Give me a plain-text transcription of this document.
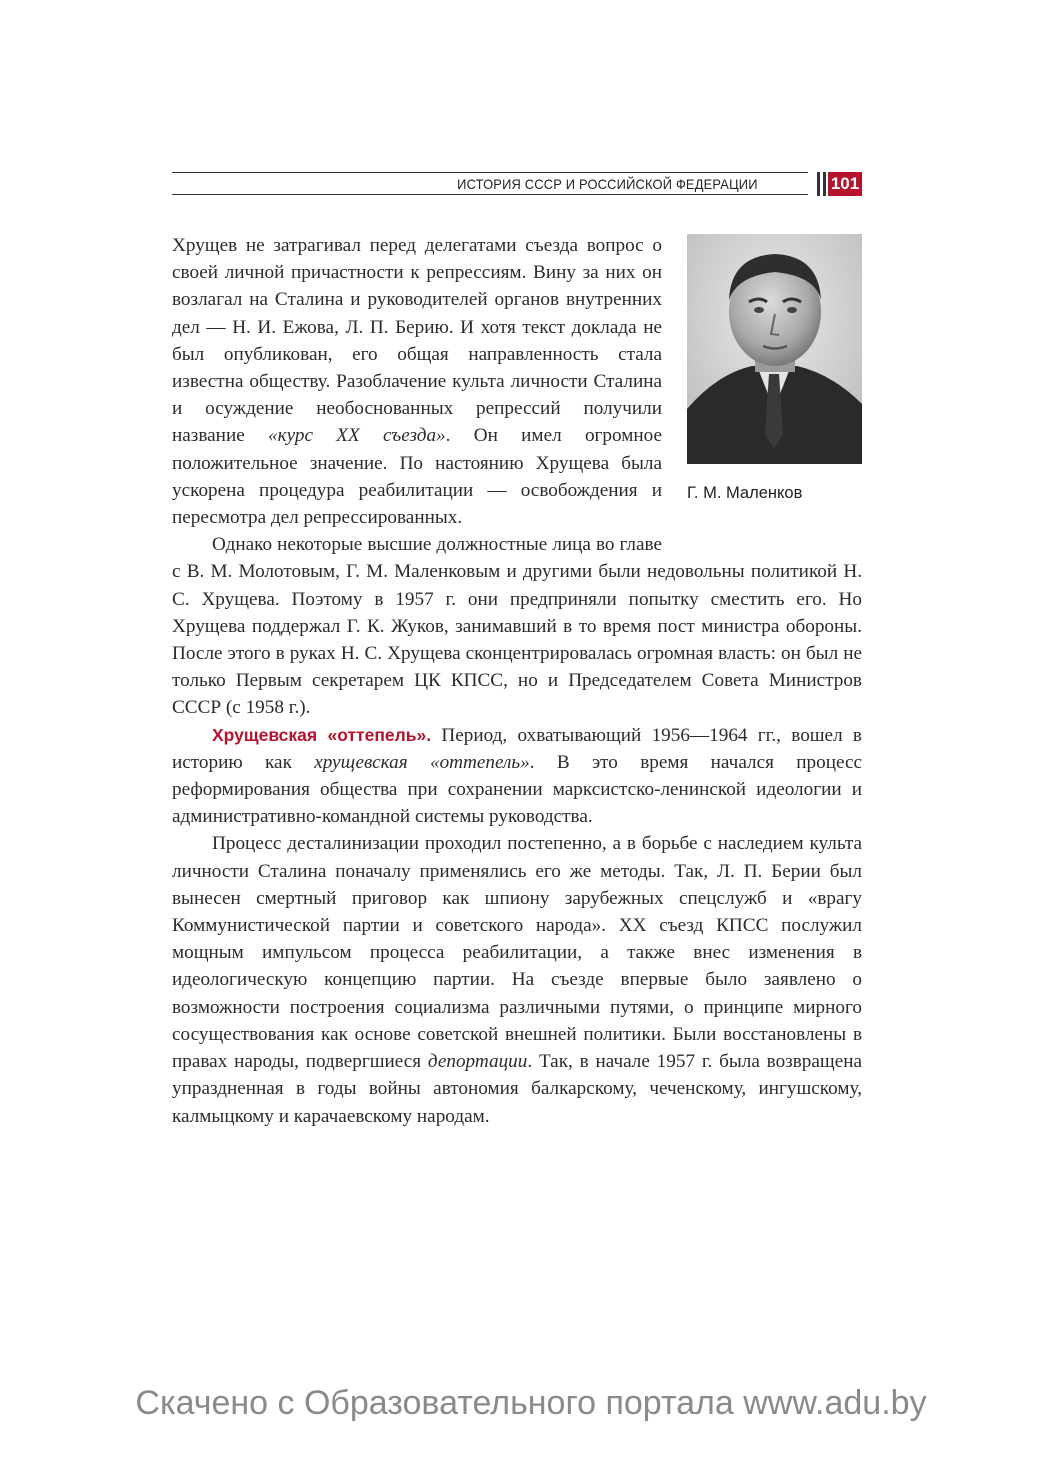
ИСТОРИЯ СССР И РОССИЙСКОЙ ФЕДЕРАЦИИ	101
Г. М. Маленков

Хрущев не затрагивал перед делегатами съезда вопрос о своей личной причастности к репрессиям. Вину за них он возлагал на Сталина и руководителей органов внутренних дел — Н. И. Ежова, Л. П. Берию. И хотя текст доклада не был опубликован, его общая направленность стала известна обществу. Разоблачение культа личности Сталина и осуждение необоснованных репрессий получили название «курс XX съезда». Он имел огромное положительное значение. По настоянию Хрущева была ускорена процедура реабилитации — освобождения и пересмотра дел репрессированных.

Однако некоторые высшие должностные лица во главе с В. М. Молотовым, Г. М. Маленковым и другими были недовольны политикой Н. С. Хрущева. Поэтому в 1957 г. они предприняли попытку сместить его. Но Хрущева поддержал Г. К. Жуков, занимавший в то время пост министра обороны. После этого в руках Н. С. Хрущева сконцентрировалась огромная власть: он был не только Первым секретарем ЦК КПСС, но и Председателем Совета Министров СССР (с 1958 г.).

Хрущевская «оттепель». Период, охватывающий 1956—1964 гг., вошел в историю как хрущевская «оттепель». В это время начался процесс реформирования общества при сохранении марксистско-ленинской идеологии и административно-командной системы руководства.

Процесс десталинизации проходил постепенно, а в борьбе с наследием культа личности Сталина поначалу применялись его же методы. Так, Л. П. Берии был вынесен смертный приговор как шпиону зарубежных спецслужб и «врагу Коммунистической партии и советского народа». XX съезд КПСС послужил мощным импульсом процесса реабилитации, а также внес изменения в идеологическую концепцию партии. На съезде впервые было заявлено о возможности построения социализма различными путями, о принципе мирного сосуществования как основе советской внешней политики. Были восстановлены в правах народы, подвергшиеся депортации. Так, в начале 1957 г. была возвращена упраздненная в годы войны автономия балкарскому, чеченскому, ингушскому, калмыцкому и карачаевскому народам.

Скачено с Образовательного портала www.adu.by
